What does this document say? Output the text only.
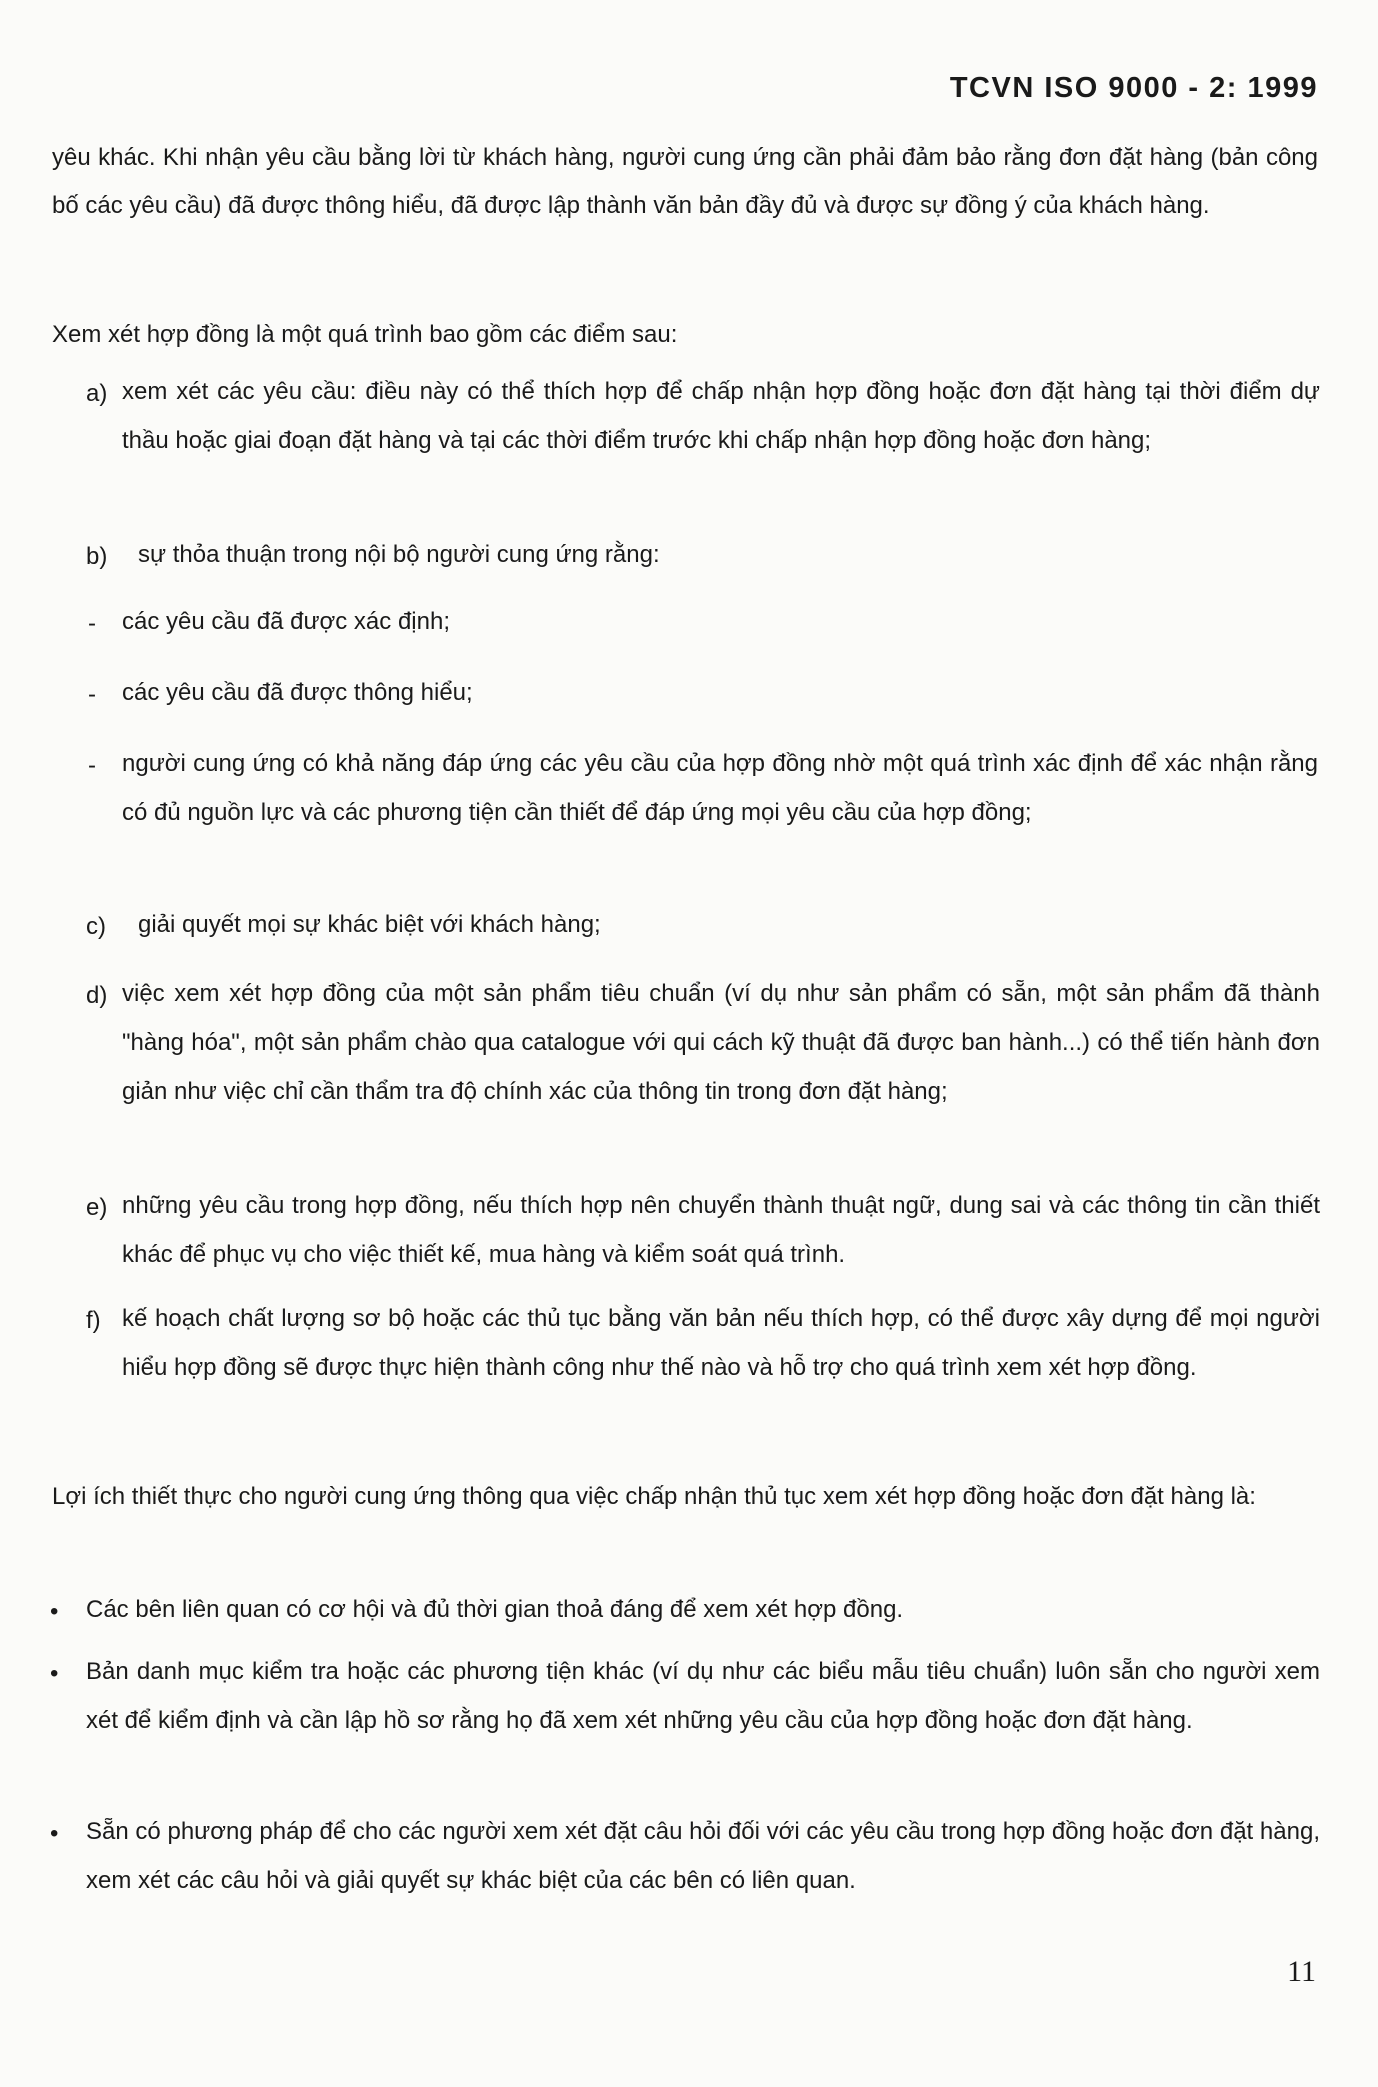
TCVN ISO 9000 - 2: 1999

yêu khác. Khi nhận yêu cầu bằng lời từ khách hàng, người cung ứng cần phải đảm bảo rằng đơn đặt hàng (bản công bố các yêu cầu) đã được thông hiểu, đã được lập thành văn bản đầy đủ và được sự đồng ý của khách hàng.

Xem xét hợp đồng là một quá trình bao gồm các điểm sau:

a) xem xét các yêu cầu: điều này có thể thích hợp để chấp nhận hợp đồng hoặc đơn đặt hàng tại thời điểm dự thầu hoặc giai đoạn đặt hàng và tại các thời điểm trước khi chấp nhận hợp đồng hoặc đơn hàng;

b) sự thỏa thuận trong nội bộ người cung ứng rằng:

- các yêu cầu đã được xác định;

- các yêu cầu đã được thông hiểu;

- người cung ứng có khả năng đáp ứng các yêu cầu của hợp đồng nhờ một quá trình xác định để xác nhận rằng có đủ nguồn lực và các phương tiện cần thiết để đáp ứng mọi yêu cầu của hợp đồng;

c) giải quyết mọi sự khác biệt với khách hàng;

d) việc xem xét hợp đồng của một sản phẩm tiêu chuẩn (ví dụ như sản phẩm có sẵn, một sản phẩm đã thành "hàng hóa", một sản phẩm chào qua catalogue với qui cách kỹ thuật đã được ban hành...) có thể tiến hành đơn giản như việc chỉ cần thẩm tra độ chính xác của thông tin trong đơn đặt hàng;

e) những yêu cầu trong hợp đồng, nếu thích hợp nên chuyển thành thuật ngữ, dung sai và các thông tin cần thiết khác để phục vụ cho việc thiết kế, mua hàng và kiểm soát quá trình.

f) kế hoạch chất lượng sơ bộ hoặc các thủ tục bằng văn bản nếu thích hợp, có thể được xây dựng để mọi người hiểu hợp đồng sẽ được thực hiện thành công như thế nào và hỗ trợ cho quá trình xem xét hợp đồng.

Lợi ích thiết thực cho người cung ứng thông qua việc chấp nhận thủ tục xem xét hợp đồng hoặc đơn đặt hàng là:

• Các bên liên quan có cơ hội và đủ thời gian thoả đáng để xem xét hợp đồng.

• Bản danh mục kiểm tra hoặc các phương tiện khác (ví dụ như các biểu mẫu tiêu chuẩn) luôn sẵn cho người xem xét để kiểm định và cần lập hồ sơ rằng họ đã xem xét những yêu cầu của hợp đồng hoặc đơn đặt hàng.

• Sẵn có phương pháp để cho các người xem xét đặt câu hỏi đối với các yêu cầu trong hợp đồng hoặc đơn đặt hàng, xem xét các câu hỏi và giải quyết sự khác biệt của các bên có liên quan.

11
